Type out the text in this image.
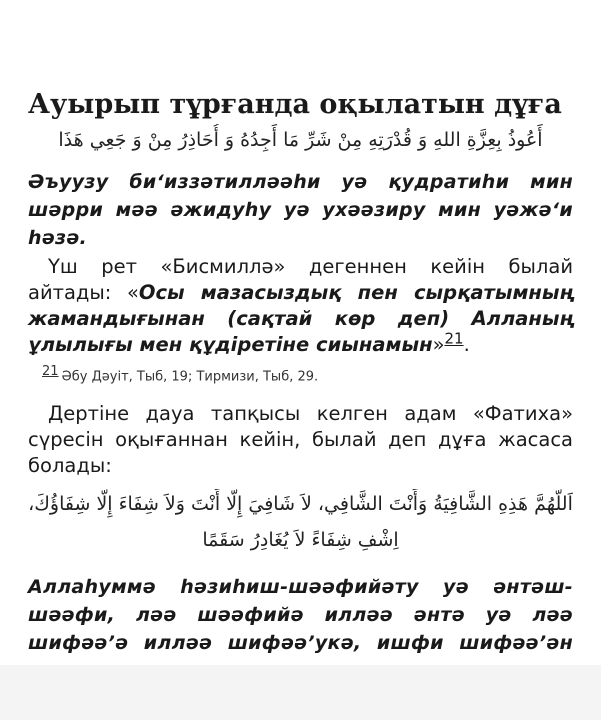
Ауырып тұрғанда оқылатын дұға
أَعُوذُ بِعِزَّةِ اللهِ وَ قُدْرَتِهِ مِنْ شَرِّ مَا أَجِدُهُ وَ أُحَاذِرُ مِنْ وَ جَعِي هَذَا

Әъуузу би‘иззәтилләәһи уә қудратиһи мин шәрри мәә әжидуһу уә ухәәзиру мин уәжә‘и һәзә.

Үш рет «Бисмиллә» дегеннен кейін былай айтады: «Осы мазасыздық пен сырқатымның жамандығынан (сақтай көр деп) Алланың ұлылығы мен құдіретіне сиынамын»$^{21}$.

21 Әбу Дәуіт, Тыб, 19; Тирмизи, Тыб, 29.

Дертіне дауа тапқысы келген адам «Фатиха» сүресін оқығаннан кейін, былай деп дұға жасаса болады:

اَللَّهُمَّ هَذِهِ الشَّافِيَةُ وَأَنْتَ الشَّافِي، لاَ شَافِيَ إِلَّا أَنْتَ وَلاَ شِفَاءَ إِلَّا شِفَاؤُكَ،
اِشْفِ شِفَاءً لاَ يُغَادِرُ سَقَمًا

Аллаһуммә һәзиһиш-шәәфийәту уә әнтәш-шәәфи, ләә шәәфийә илләә әнтә уә ләә шифәә’ә илләә шифәә’укә, ишфи шифәә’ән
